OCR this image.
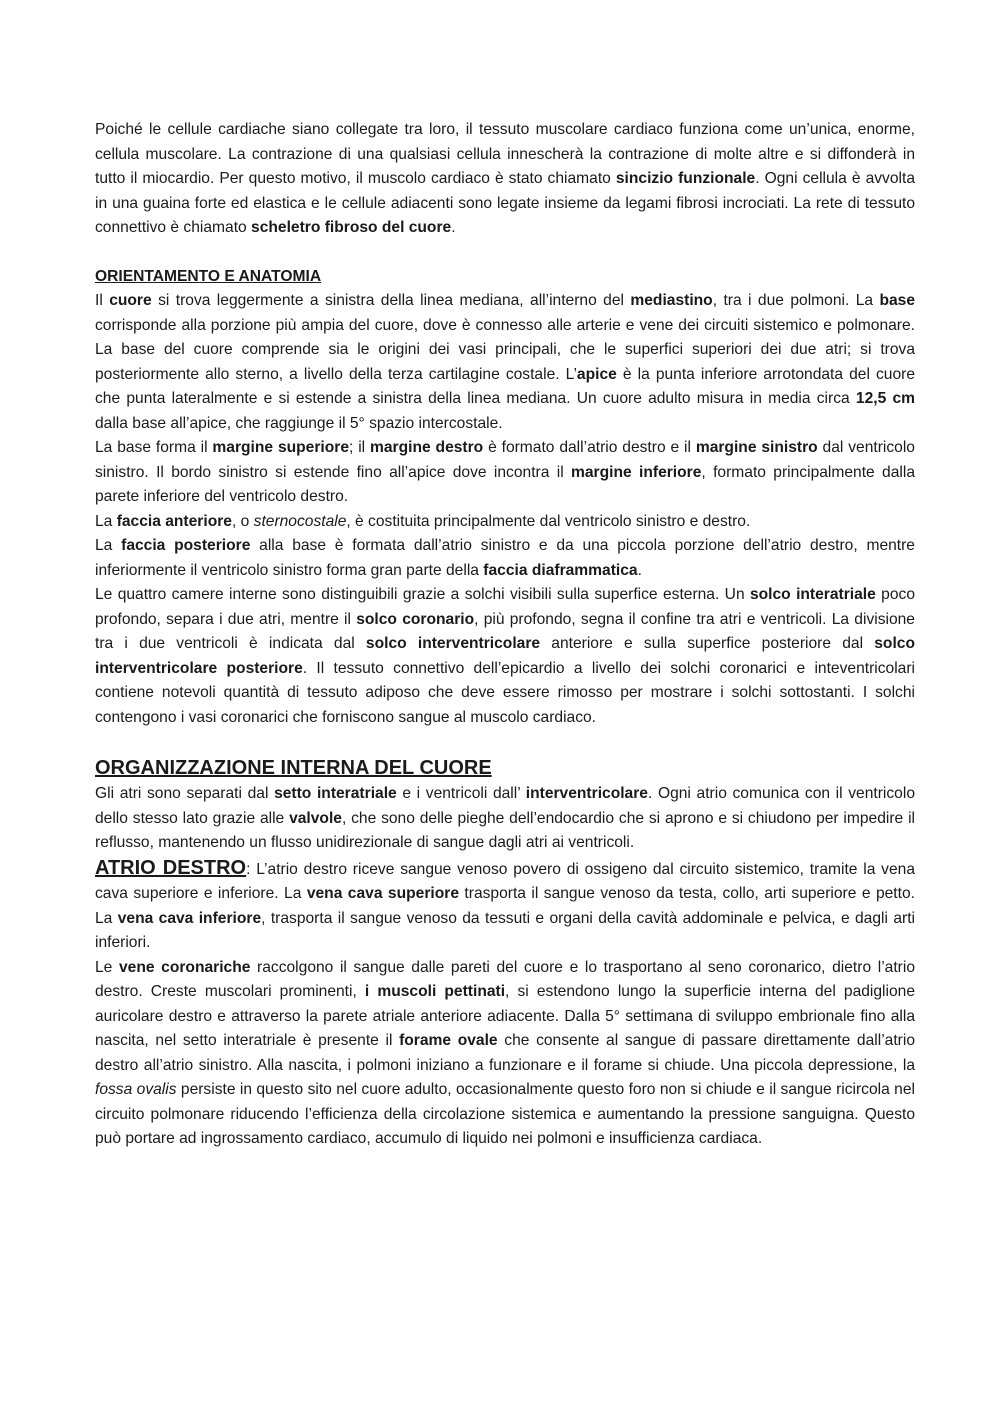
Poiché le cellule cardiache siano collegate tra loro, il tessuto muscolare cardiaco funziona come un’unica, enorme, cellula muscolare. La contrazione di una qualsiasi cellula innescherà la contrazione di molte altre e si diffonderà in tutto il miocardio. Per questo motivo, il muscolo cardiaco è stato chiamato sincizio funzionale. Ogni cellula è avvolta in una guaina forte ed elastica e le cellule adiacenti sono legate insieme da legami fibrosi incrociati. La rete di tessuto connettivo è chiamato scheletro fibroso del cuore.

ORIENTAMENTO E ANATOMIA

Il cuore si trova leggermente a sinistra della linea mediana, all’interno del mediastino, tra i due polmoni. La base corrisponde alla porzione più ampia del cuore, dove è connesso alle arterie e vene dei circuiti sistemico e polmonare. La base del cuore comprende sia le origini dei vasi principali, che le superfici superiori dei due atri; si trova posteriormente allo sterno, a livello della terza cartilagine costale. L’apice è la punta inferiore arrotondata del cuore che punta lateralmente e si estende a sinistra della linea mediana. Un cuore adulto misura in media circa 12,5 cm dalla base all’apice, che raggiunge il 5° spazio intercostale.

La base forma il margine superiore; il margine destro è formato dall’atrio destro e il margine sinistro dal ventricolo sinistro. Il bordo sinistro si estende fino all’apice dove incontra il margine inferiore, formato principalmente dalla parete inferiore del ventricolo destro.

La faccia anteriore, o sternocostale, è costituita principalmente dal ventricolo sinistro e destro.

La faccia posteriore alla base è formata dall’atrio sinistro e da una piccola porzione dell’atrio destro, mentre inferiormente il ventricolo sinistro forma gran parte della faccia diaframmatica.

Le quattro camere interne sono distinguibili grazie a solchi visibili sulla superfice esterna. Un solco interatriale poco profondo, separa i due atri, mentre il solco coronario, più profondo, segna il confine tra atri e ventricoli. La divisione tra i due ventricoli è indicata dal solco interventricolare anteriore e sulla superfice posteriore dal solco interventricolare posteriore. Il tessuto connettivo dell’epicardio a livello dei solchi coronarici e inteventricolari contiene notevoli quantità di tessuto adiposo che deve essere rimosso per mostrare i solchi sottostanti. I solchi contengono i vasi coronarici che forniscono sangue al muscolo cardiaco.

ORGANIZZAZIONE INTERNA DEL CUORE

Gli atri sono separati dal setto interatriale e i ventricoli dall’ interventricolare. Ogni atrio comunica con il ventricolo dello stesso lato grazie alle valvole, che sono delle pieghe dell’endocardio che si aprono e si chiudono per impedire il reflusso, mantenendo un flusso unidirezionale di sangue dagli atri ai ventricoli.

ATRIO DESTRO: L’atrio destro riceve sangue venoso povero di ossigeno dal circuito sistemico, tramite la vena cava superiore e inferiore. La vena cava superiore trasporta il sangue venoso da testa, collo, arti superiore e petto. La vena cava inferiore, trasporta il sangue venoso da tessuti e organi della cavità addominale e pelvica, e dagli arti inferiori.

Le vene coronariche raccolgono il sangue dalle pareti del cuore e lo trasportano al seno coronarico, dietro l’atrio destro. Creste muscolari prominenti, i muscoli pettinati, si estendono lungo la superficie interna del padiglione auricolare destro e attraverso la parete atriale anteriore adiacente. Dalla 5° settimana di sviluppo embrionale fino alla nascita, nel setto interatriale è presente il forame ovale che consente al sangue di passare direttamente dall’atrio destro all’atrio sinistro. Alla nascita, i polmoni iniziano a funzionare e il forame si chiude. Una piccola depressione, la fossa ovalis persiste in questo sito nel cuore adulto, occasionalmente questo foro non si chiude e il sangue ricircola nel circuito polmonare riducendo l’efficienza della circolazione sistemica e aumentando la pressione sanguigna. Questo può portare ad ingrossamento cardiaco, accumulo di liquido nei polmoni e insufficienza cardiaca.
